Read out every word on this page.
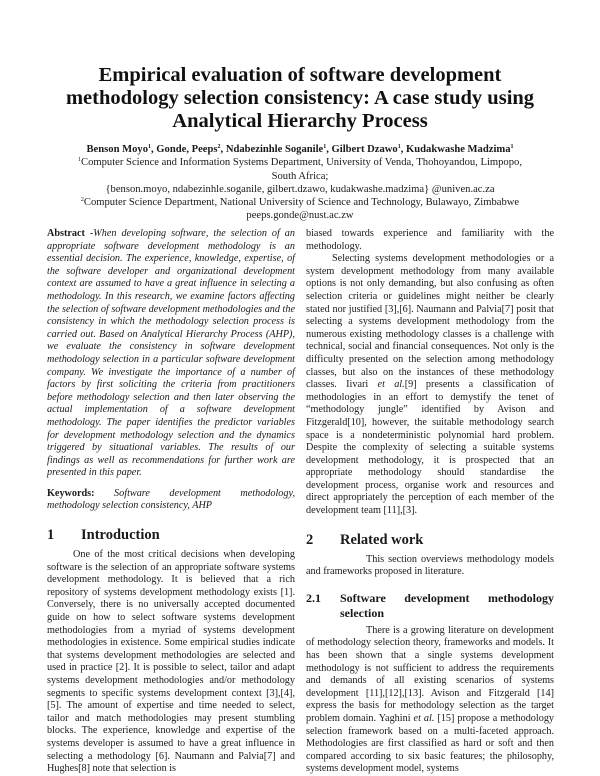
Empirical evaluation of software development methodology selection consistency: A case study using Analytical Hierarchy Process
Benson Moyo$^1$, Gonde, Peeps$^2$, Ndabezinhle Soganile$^1$, Gilbert Dzawo$^1$, Kudakwashe Madzima$^1$
$^1$Computer Science and Information Systems Department, University of Venda, Thohoyandou, Limpopo,
South Africa;
{benson.moyo, ndabezinhle.soganile, gilbert.dzawo, kudakwashe.madzima} @univen.ac.za
$^2$Computer Science Department, National University of Science and Technology, Bulawayo, Zimbabwe
peeps.gonde@nust.ac.zw

Abstract -When developing software, the selection of an appropriate software development methodology is an essential decision. The experience, knowledge, expertise, of the software developer and organizational development context are assumed to have a great influence in selecting a methodology. In this research, we examine factors affecting the selection of software development methodologies and the consistency in which the methodology selection process is carried out. Based on Analytical Hierarchy Process (AHP), we evaluate the consistency in software development methodology selection in a particular software development company. We investigate the importance of a number of factors by first soliciting the criteria from practitioners before methodology selection and then later observing the actual implementation of a software development methodology. The paper identifies the predictor variables for development methodology selection and the dynamics triggered by situational variables. The results of our findings as well as recommendations for further work are presented in this paper.

Keywords: Software development methodology, methodology selection consistency, AHP

1 Introduction

One of the most critical decisions when developing software is the selection of an appropriate software systems development methodology. It is believed that a rich repository of systems development methodology exists [1]. Conversely, there is no universally accepted documented guide on how to select software systems development methodologies from a myriad of systems development methodologies in existence. Some empirical studies indicate that systems development methodologies are selected and used in practice [2]. It is possible to select, tailor and adapt systems development methodologies and/or methodology segments to specific systems development context [3],[4],[5]. The amount of expertise and time needed to select, tailor and match methodologies may present stumbling blocks. The experience, knowledge and expertise of the systems developer is assumed to have a great influence in selecting a methodology [6]. Naumann and Palvia[7] and Hughes[8] note that selection is

biased towards experience and familiarity with the methodology.

Selecting systems development methodologies or a system development methodology from many available options is not only demanding, but also confusing as often selection criteria or guidelines might neither be clearly stated nor justified [3],[6]. Naumann and Palvia[7] posit that selecting a systems development methodology from the numerous existing methodology classes is a challenge with technical, social and financial consequences. Not only is the difficulty presented on the selection among methodology classes, but also on the instances of these methodology classes. Iivari et al.[9] presents a classification of methodologies in an effort to demystify the tenet of “methodology jungle” identified by Avison and Fitzgerald[10], however, the suitable methodology search space is a nondeterministic polynomial hard problem. Despite the complexity of selecting a suitable systems development methodology, it is prospected that an appropriate methodology should standardise the development process, organise work and resources and direct appropriately the perception of each member of the development team [11],[3].

2 Related work

This section overviews methodology models and frameworks proposed in literature.

2.1	Software development methodology selection

There is a growing literature on development of methodology selection theory, frameworks and models. It has been shown that a single systems development methodology is not sufficient to address the requirements and demands of all existing scenarios of systems development [11],[12],[13]. Avison and Fitzgerald [14] express the basis for methodology selection as the target problem domain. Yaghini et al. [15] propose a methodology selection framework based on a multi-faceted approach. Methodologies are first classified as hard or soft and then compared according to six basic features; the philosophy, systems development model, systems
